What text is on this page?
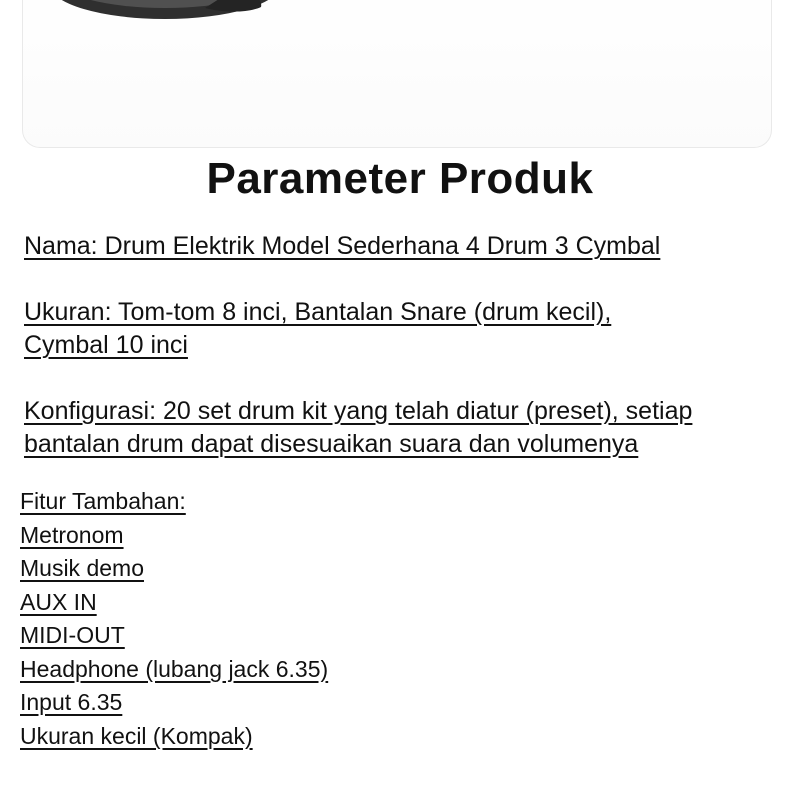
Parameter Produk
Nama: Drum Elektrik Model Sederhana 4 Drum 3 Cymbal
Ukuran: Tom-tom 8 inci, Bantalan Snare (drum kecil),
Cymbal 10 inci
Konfigurasi: 20 set drum kit yang telah diatur (preset), setiap
bantalan drum dapat disesuaikan suara dan volumenya
Fitur Tambahan:
Metronom
Musik demo
AUX IN
MIDI-OUT
Headphone (lubang jack 6.35)
Input 6.35
Ukuran kecil (Kompak)
